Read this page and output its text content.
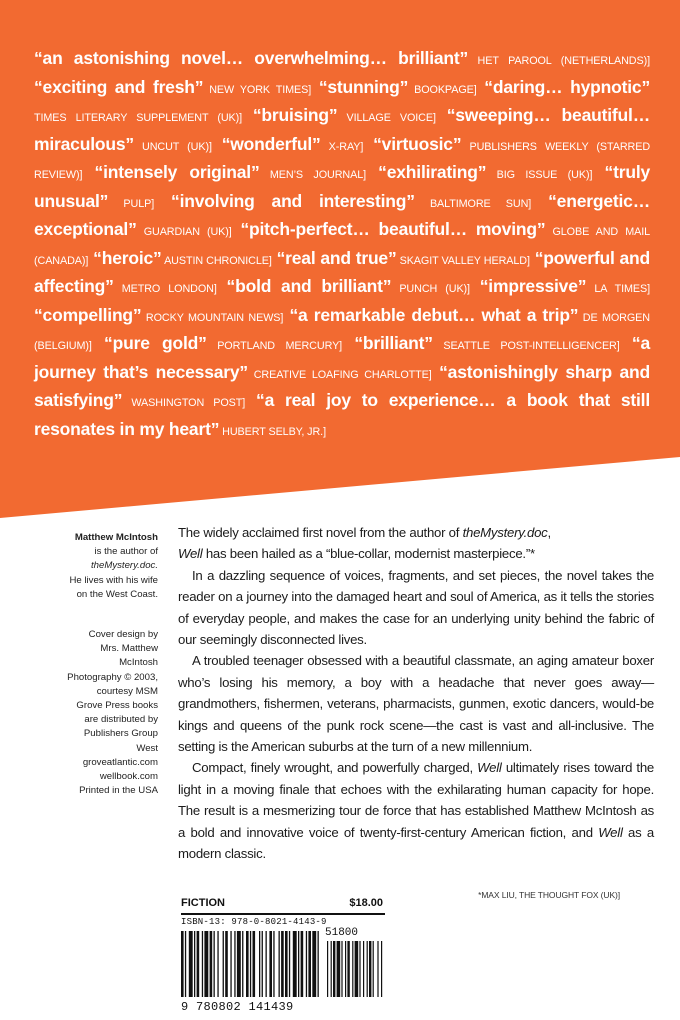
“an astonishing novel… overwhelming… brilliant” HET PAROOL (NETHERLANDS)] “exciting and fresh” NEW YORK TIMES] “stunning” BOOKPAGE] “daring… hypnotic” TIMES LITERARY SUPPLEMENT (UK)] “bruising” VILLAGE VOICE] “sweeping… beautiful… miraculous” UNCUT (UK)] “wonderful” X-RAY] “virtuosic” PUBLISHERS WEEKLY (STARRED REVIEW)] “intensely original” MEN’S JOURNAL] “exhilirating” BIG ISSUE (UK)] “truly unusual” PULP] “involving and interesting” BALTIMORE SUN] “energetic… exceptional” GUARDIAN (UK)] “pitch-perfect… beautiful… moving” GLOBE AND MAIL (CANADA)] “heroic” AUSTIN CHRONICLE] “real and true” SKAGIT VALLEY HERALD] “powerful and affecting” METRO LONDON] “bold and brilliant” PUNCH (UK)] “impressive” LA TIMES] “compelling” ROCKY MOUNTAIN NEWS] “a remarkable debut… what a trip” DE MORGEN (BELGIUM)] “pure gold” PORTLAND MERCURY] “brilliant” SEATTLE POST-INTELLIGENCER] “a journey that’s necessary” CREATIVE LOAFING CHARLOTTE] “astonishingly sharp and satisfying” WASHINGTON POST] “a real joy to experience… a book that still resonates in my heart” HUBERT SELBY, JR.]

Matthew McIntosh

is the author of

theMystery.doc.

He lives with his wife

on the West Coast.

Cover design by

Mrs. Matthew McIntosh

Photography © 2003,

courtesy MSM

Grove Press books

are distributed by

Publishers Group West

groveatlantic.com

wellbook.com

Printed in the USA

The widely acclaimed first novel from the author of theMystery.doc,
Well has been hailed as a “blue-collar, modernist masterpiece.”*

In a dazzling sequence of voices, fragments, and set pieces, the novel takes the reader on a journey into the damaged heart and soul of America, as it tells the stories of everyday people, and makes the case for an underlying unity behind the fabric of our seemingly disconnected lives.

A troubled teenager obsessed with a beautiful classmate, an aging amateur boxer who’s losing his memory, a boy with a headache that never goes away—grandmothers, fishermen, veterans, pharmacists, gunmen, exotic dancers, would-be kings and queens of the punk rock scene—the cast is vast and all-inclusive. The setting is the American suburbs at the turn of a new millennium.

Compact, finely wrought, and powerfully charged, Well ultimately rises toward the light in a moving finale that echoes with the exhilarating human capacity for hope. The result is a mesmerizing tour de force that has established Matthew McIntosh as a bold and innovative voice of twenty-first-century American fiction, and Well as a modern classic.

*MAX LIU, THE THOUGHT FOX (UK)]
FICTION	$18.00
ISBN-13: 978-0-8021-4143-9
51800
9 780802 141439
